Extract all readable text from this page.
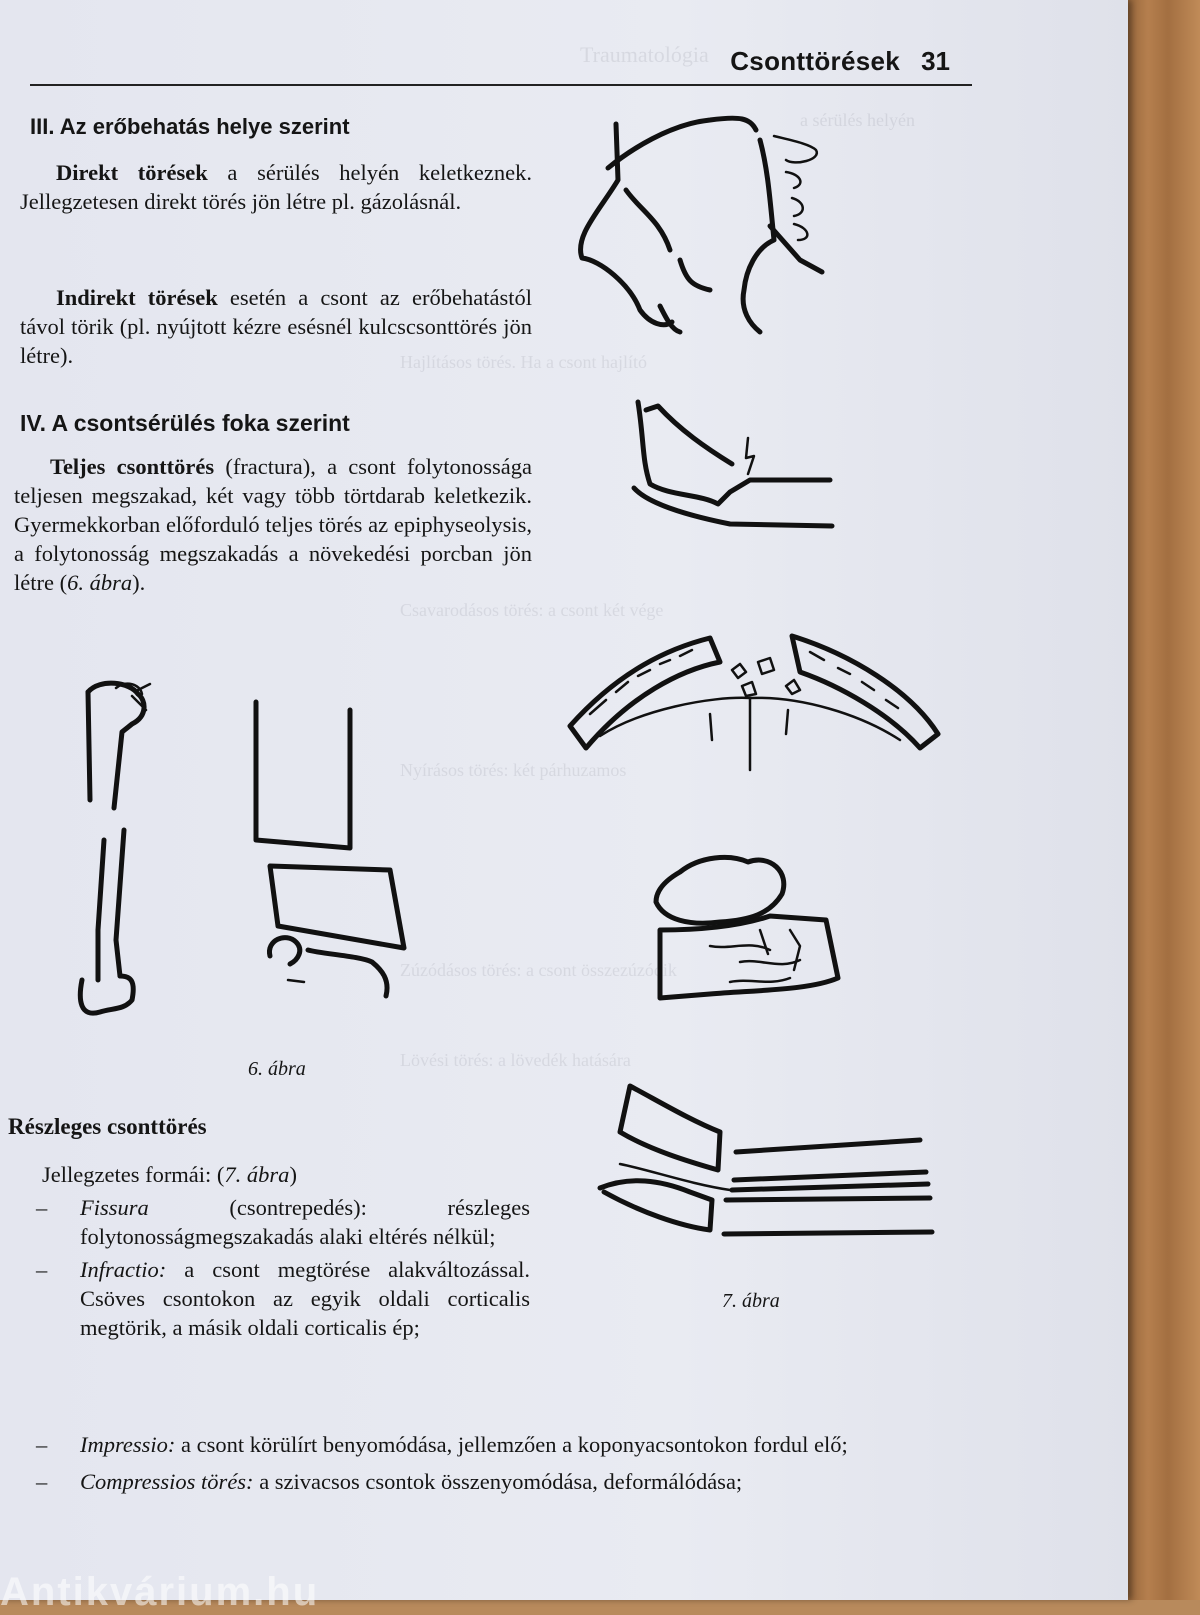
Traumatológia
a sérülés helyén
Hajlításos törés. Ha a csont hajlító
Csavarodásos törés: a csont két vége
Nyírásos törés: két párhuzamos
Zúzódásos törés: a csont összezúzódik
Lövési törés: a lövedék hatására
Csonttörések 31
III. Az erőbehatás helye szerint
Direkt törések a sérülés helyén keletkeznek. Jellegzetesen direkt törés jön létre pl. gázolásnál.
Indirekt törések esetén a csont az erőbehatástól távol törik (pl. nyújtott kézre esésnél kulcscsonttörés jön létre).
IV. A csontsérülés foka szerint
Teljes csonttörés (fractura), a csont folytonossága teljesen megszakad, két vagy több törtdarab keletkezik. Gyermekkorban előforduló teljes törés az epiphyseolysis, a folytonosság megszakadás a növekedési porcban jön létre (6. ábra).
6. ábra
7. ábra
Részleges csonttörés
Jellegzetes formái: (7. ábra)
– Fissura (csontrepedés): részleges folytonosságmegszakadás alaki eltérés nélkül;
– Infractio: a csont megtörése alakváltozással. Csöves csontokon az egyik oldali corticalis megtörik, a másik oldali corticalis ép;
– Impressio: a csont körülírt benyomódása, jellemzően a koponyacsontokon fordul elő;
– Compressios törés: a szivacsos csontok összenyomódása, deformálódása;
Antikvárium.hu
